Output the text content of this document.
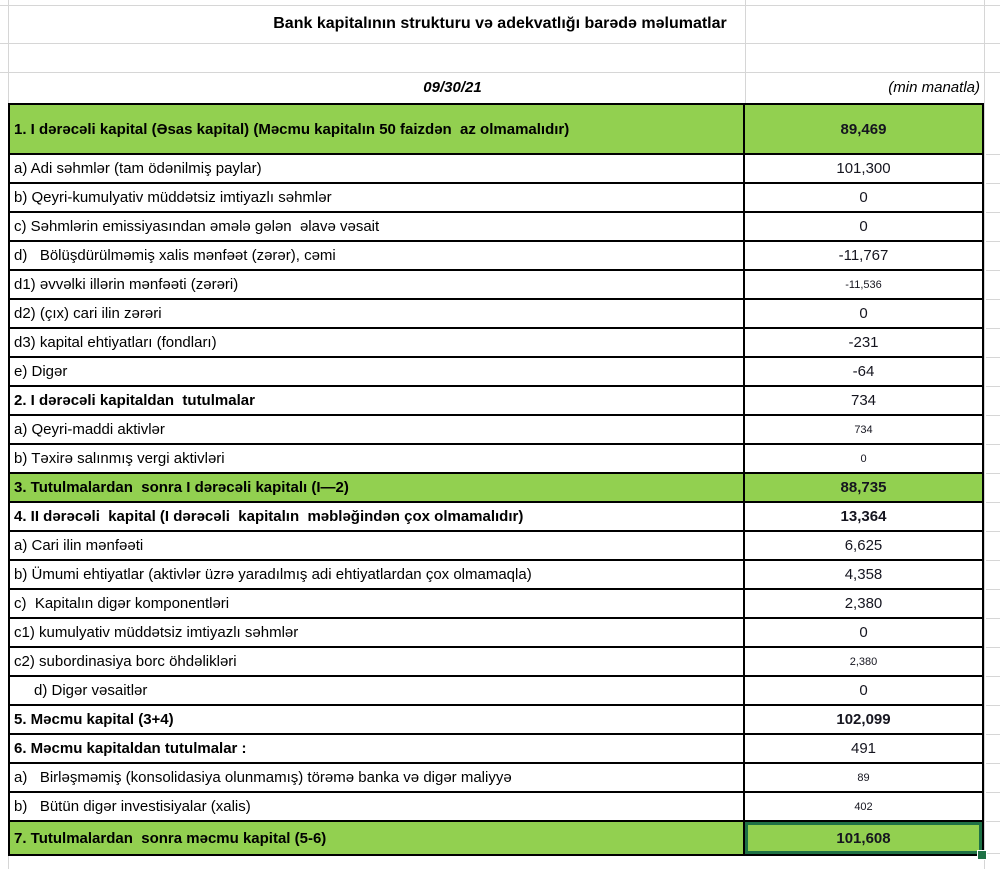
Bank kapitalının strukturu və adekvatlığı barədə məlumatlar
09/30/21	(min manatla)
1. I dərəcəli kapital (Əsas kapital) (Məcmu kapitalın 50 faizdən  az olmamalıdır)	89,469
a) Adi səhmlər (tam ödənilmiş paylar)	101,300
b) Qeyri-kumulyativ müddətsiz imtiyazlı səhmlər	0
c) Səhmlərin emissiyasından əmələ gələn  əlavə vəsait	0
d)   Bölüşdürülməmiş xalis mənfəət (zərər), cəmi	-11,767
d1) əvvəlki illərin mənfəəti (zərəri)	-11,536
d2) (çıx) cari ilin zərəri	0
d3) kapital ehtiyatları (fondları)	-231
e) Digər	-64
2. I dərəcəli kapitaldan  tutulmalar	734
a) Qeyri-maddi aktivlər	734
b) Təxirə salınmış vergi aktivləri	0
3. Tutulmalardan  sonra I dərəcəli kapitalı (I—2)	88,735
4. II dərəcəli  kapital (I dərəcəli  kapitalın  məbləğindən çox olmamalıdır)	13,364
a) Cari ilin mənfəəti	6,625
b) Ümumi ehtiyatlar (aktivlər üzrə yaradılmış adi ehtiyatlardan çox olmamaqla)	4,358
c)  Kapitalın digər komponentləri	2,380
c1) kumulyativ müddətsiz imtiyazlı səhmlər	0
c2) subordinasiya borc öhdəlikləri	2,380
d) Digər vəsaitlər	0
5. Məcmu kapital (3+4)	102,099
6. Məcmu kapitaldan tutulmalar :	491
a)   Birləşməmiş (konsolidasiya olunmamış) törəmə banka və digər maliyyə	89
b)   Bütün digər investisiyalar (xalis)	402
7. Tutulmalardan  sonra məcmu kapital (5-6)	101,608
